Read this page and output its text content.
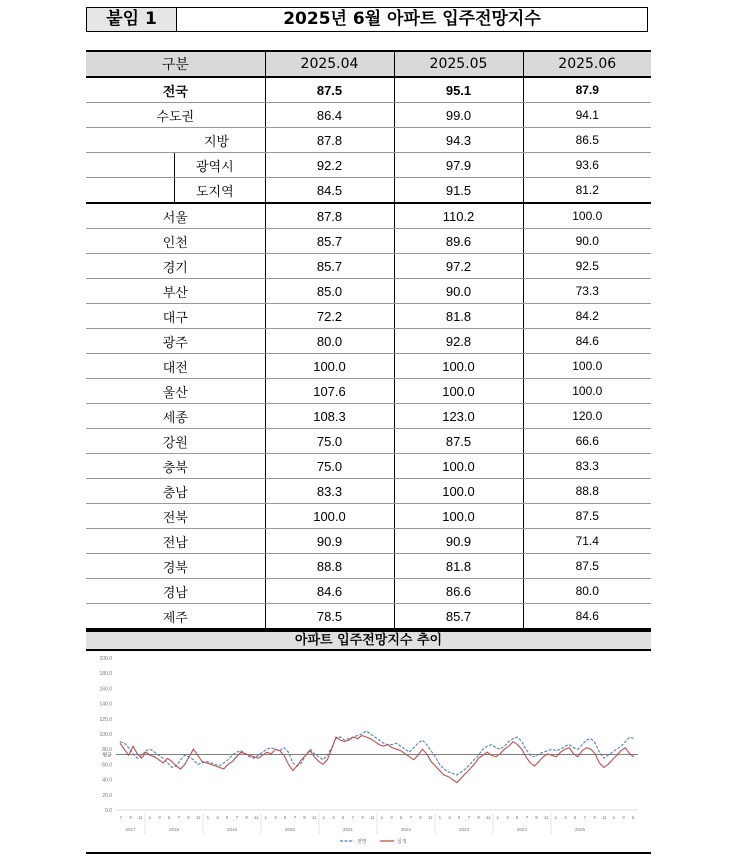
붙임 1	2025년 6월 아파트 입주전망지수
구분	2025.04	2025.05	2025.06
전국	87.5	95.1	87.9
수도권	86.4	99.0	94.1
지방	87.8	94.3	86.5
광역시	92.2	97.9	93.6
도지역	84.5	91.5	81.2
서울	87.8	110.2	100.0
인천	85.7	89.6	90.0
경기	85.7	97.2	92.5
부산	85.0	90.0	73.3
대구	72.2	81.8	84.2
광주	80.0	92.8	84.6
대전	100.0	100.0	100.0
울산	107.6	100.0	100.0
세종	108.3	123.0	120.0
강원	75.0	87.5	66.6
충북	75.0	100.0	83.3
충남	83.3	100.0	88.8
전북	100.0	100.0	87.5
전남	90.9	90.9	71.4
경북	88.8	81.8	87.5
경남	84.6	86.6	80.0
제주	78.5	85.7	84.6
아파트 입주전망지수 추이
0.0
20.0
40.0
60.0
80.0
100.0
120.0
140.0
160.0
180.0
200.0
평균
7 9 11 1 3 5 7 9 11 1 3 5 7 9 11 1 3 5 7 9 11 1 3 5 7 9 11 1 3 5 7 9 11 1 3 5 7 9 11 1 3 5 7 9 11 1 3 5 7 9 11 1 3 5
2017	2018	2019	2020	2021	2022	2023	2024	2025
전망	실적
